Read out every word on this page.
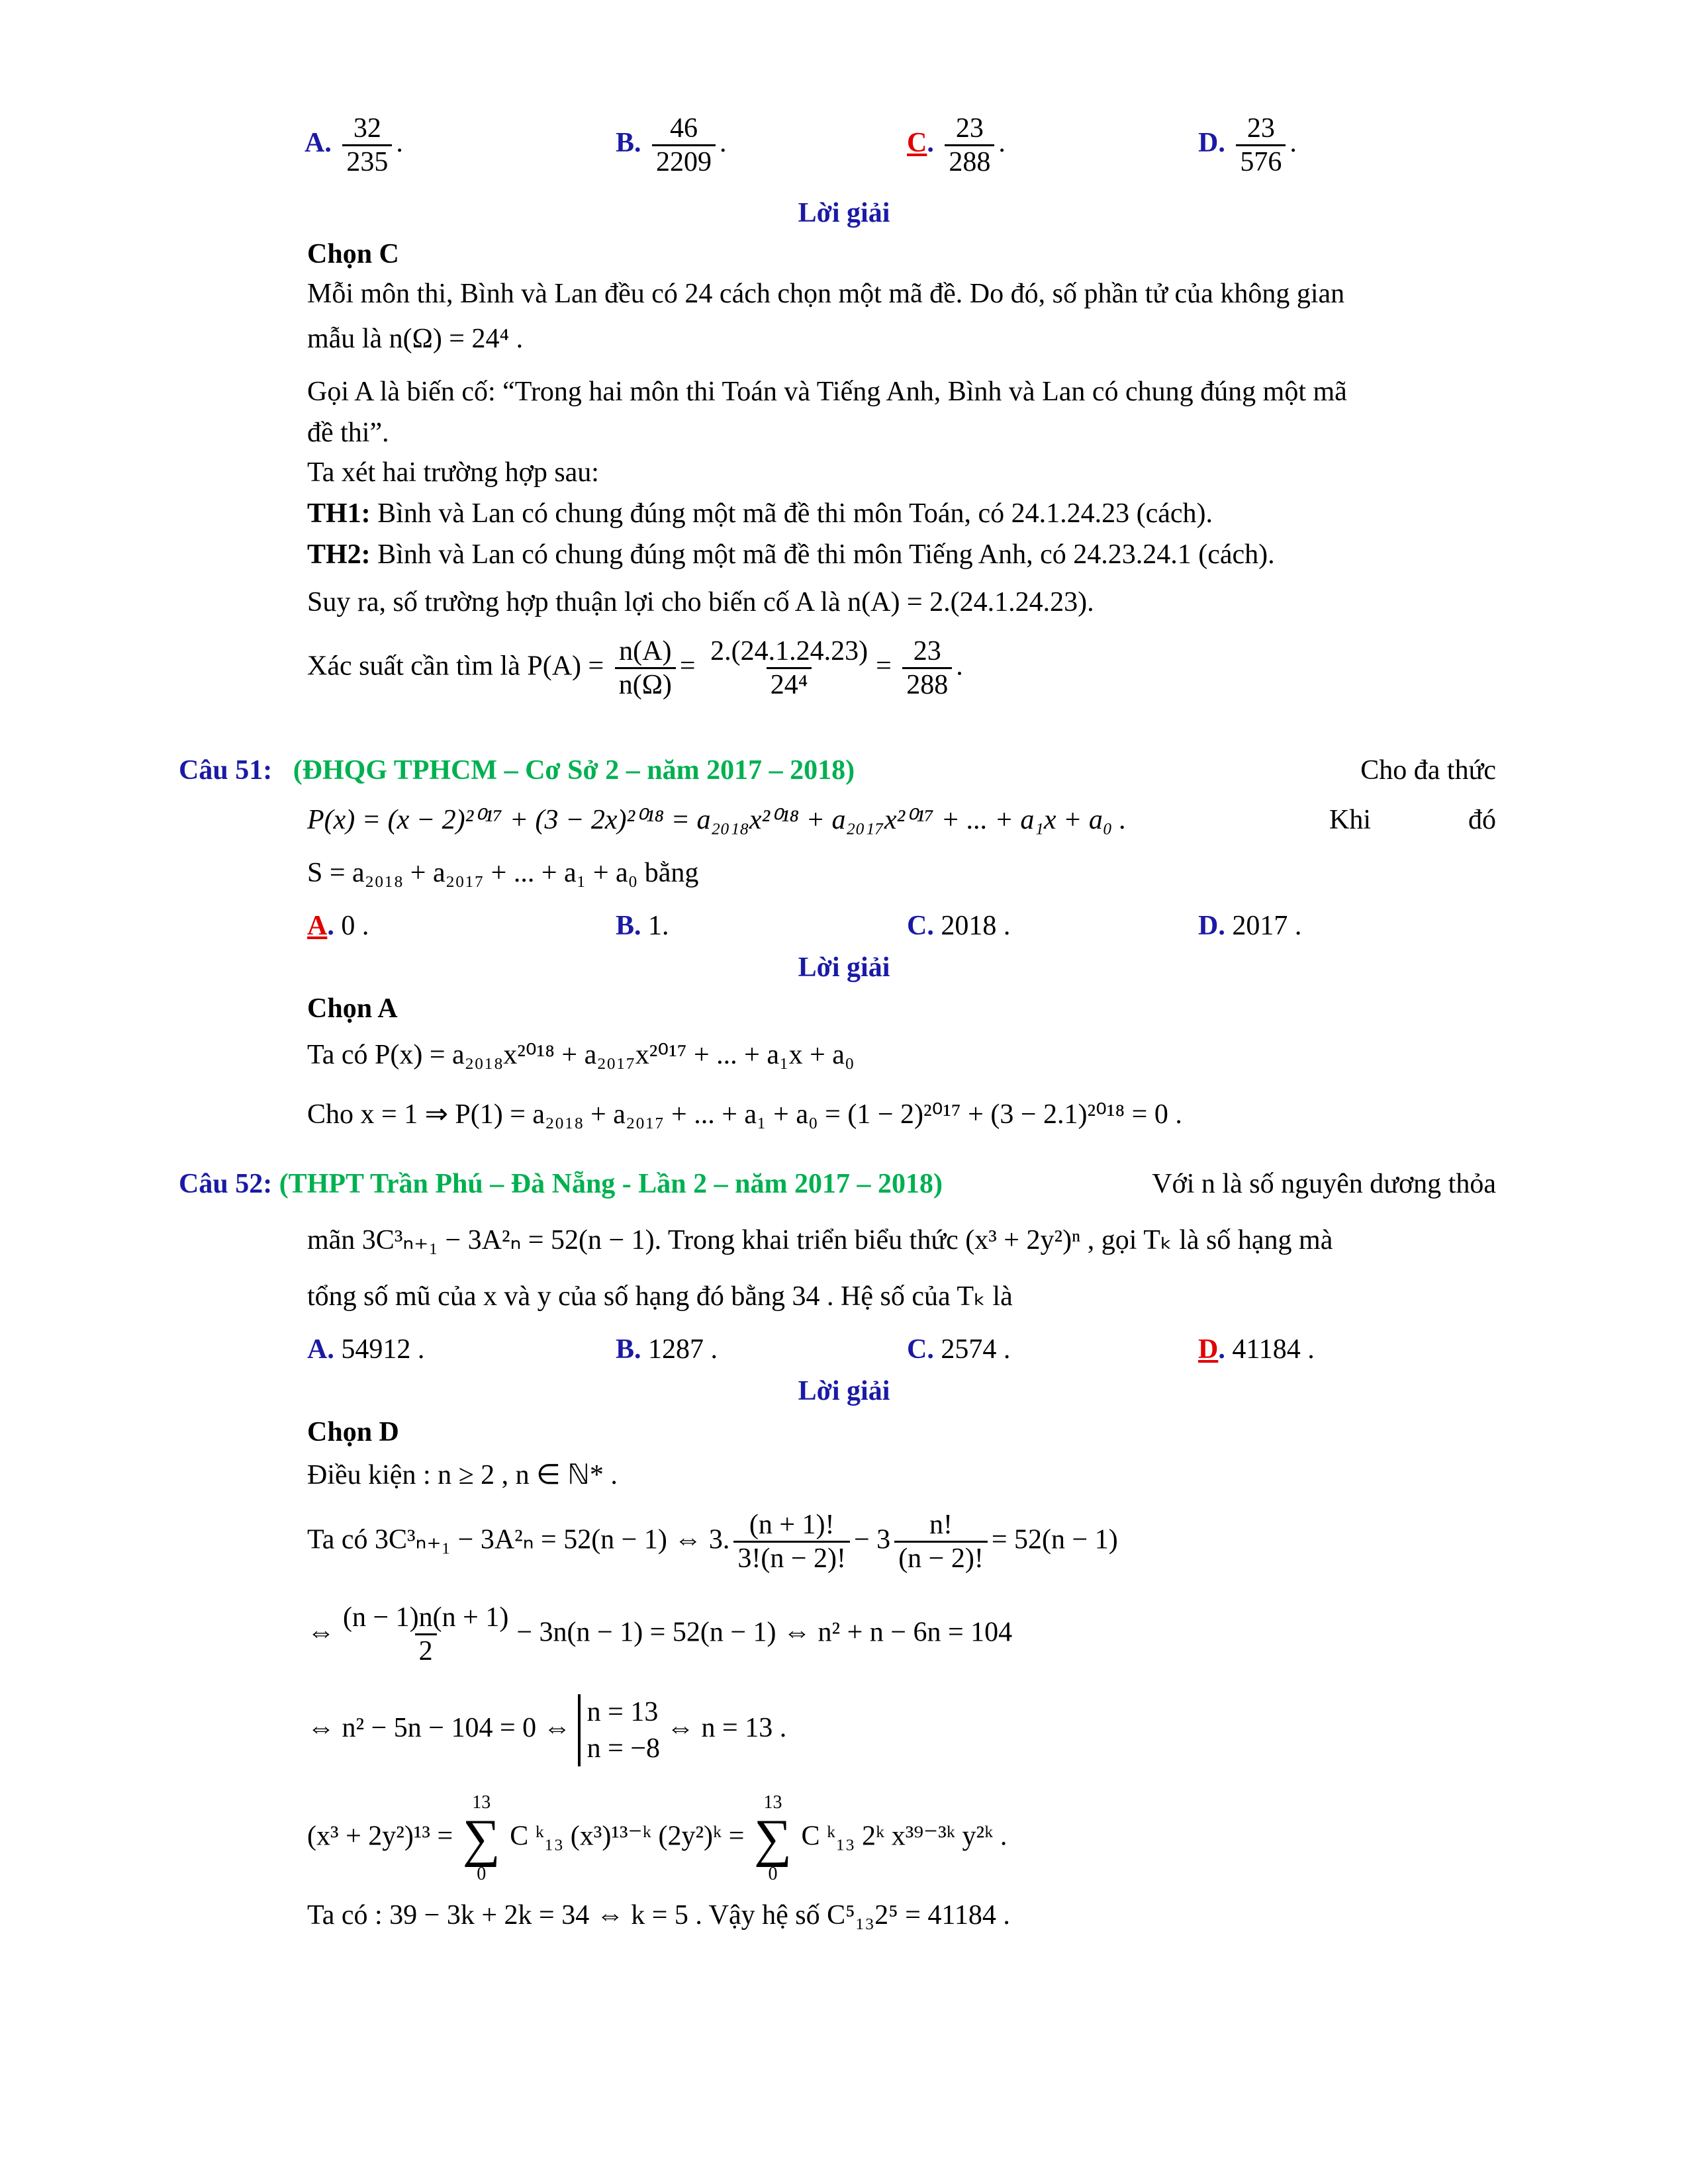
A. $\frac{32}{235}$ .	B. $\frac{46}{2209}$ .	C. $\frac{23}{288}$ .	D. $\frac{23}{576}$ .
Lời giải
Chọn C
Mỗi môn thi, Bình và Lan đều có 24 cách chọn một mã đề. Do đó, số phần tử của không gian
mẫu là n(Ω) = 24⁴ .
Gọi A là biến cố: “Trong hai môn thi Toán và Tiếng Anh, Bình và Lan có chung đúng một mã
đề thi”.
Ta xét hai trường hợp sau:
TH1: Bình và Lan có chung đúng một mã đề thi môn Toán, có 24.1.24.23 (cách).
TH2: Bình và Lan có chung đúng một mã đề thi môn Tiếng Anh, có 24.23.24.1 (cách).
Suy ra, số trường hợp thuận lợi cho biến cố A là n(A) = 2.(24.1.24.23).
Xác suất cần tìm là $P(A) = \frac{n(A)}{n(\Omega)} = \frac{2.(24.1.24.23)}{\text{24⁴}} = \frac{23}{288}$ .
Câu 51: (ĐHQG TPHCM – Cơ Sở 2 – năm 2017 – 2018)	Cho đa thức
P(x) = (x − 2)²⁰¹⁷ + (3 − 2x)²⁰¹⁸ = a₂₀₁₈x²⁰¹⁸ + a₂₀₁₇x²⁰¹⁷ + ... + a₁x + a₀ .	Khi	đó
S = a₂₀₁₈ + a₂₀₁₇ + ... + a₁ + a₀ bằng
A. 0 .	B. 1.	C. 2018 .	D. 2017 .
Lời giải
Chọn A
Ta có P(x) = a₂₀₁₈x²⁰¹⁸ + a₂₀₁₇x²⁰¹⁷ + ... + a₁x + a₀
Cho x = 1 ⇒ P(1) = a₂₀₁₈ + a₂₀₁₇ + ... + a₁ + a₀ = (1 − 2)²⁰¹⁷ + (3 − 2.1)²⁰¹⁸ = 0 .
Câu 52: (THPT Trần Phú – Đà Nẵng - Lần 2 – năm 2017 – 2018)	Với n là số nguyên dương thỏa
mãn 3C³ₙ₊₁ − 3A²ₙ = 52(n − 1). Trong khai triển biểu thức (x³ + 2y²)ⁿ , gọi Tₖ là số hạng mà
tổng số mũ của x và y của số hạng đó bằng 34 . Hệ số của Tₖ là
A. 54912 .	B. 1287 .	C. 2574 .	D. 41184 .
Lời giải
Chọn D
Điều kiện : n ≥ 2 , n ∈ ℕ* .
Ta có 3C³ₙ₊₁ − 3A²ₙ = 52(n − 1) ⇔ 3. $\frac{(n + 1)!}{3!(n - 2)!} - 3 \frac{n!}{(n - 2)!} = 52(n - 1)$
⇔ $\frac{(n - 1)n(n + 1)}{2} - 3n(n - 1) = 52(n - 1)$ ⇔ n² + n − 6n = 104
⇔ n² − 5n − 104 = 0 ⇔
n = 13
n = −8
⇔ n = 13 .
(x³ + 2y²)¹³ =
13
∑
0
C ᵏ₁₃ (x³)¹³⁻ᵏ (2y²)ᵏ =
13
∑
0
C ᵏ₁₃ 2ᵏ x³⁹⁻³ᵏ y²ᵏ .
Ta có : 39 − 3k + 2k = 34 ⇔ k = 5 . Vậy hệ số C⁵₁₃2⁵ = 41184 .
